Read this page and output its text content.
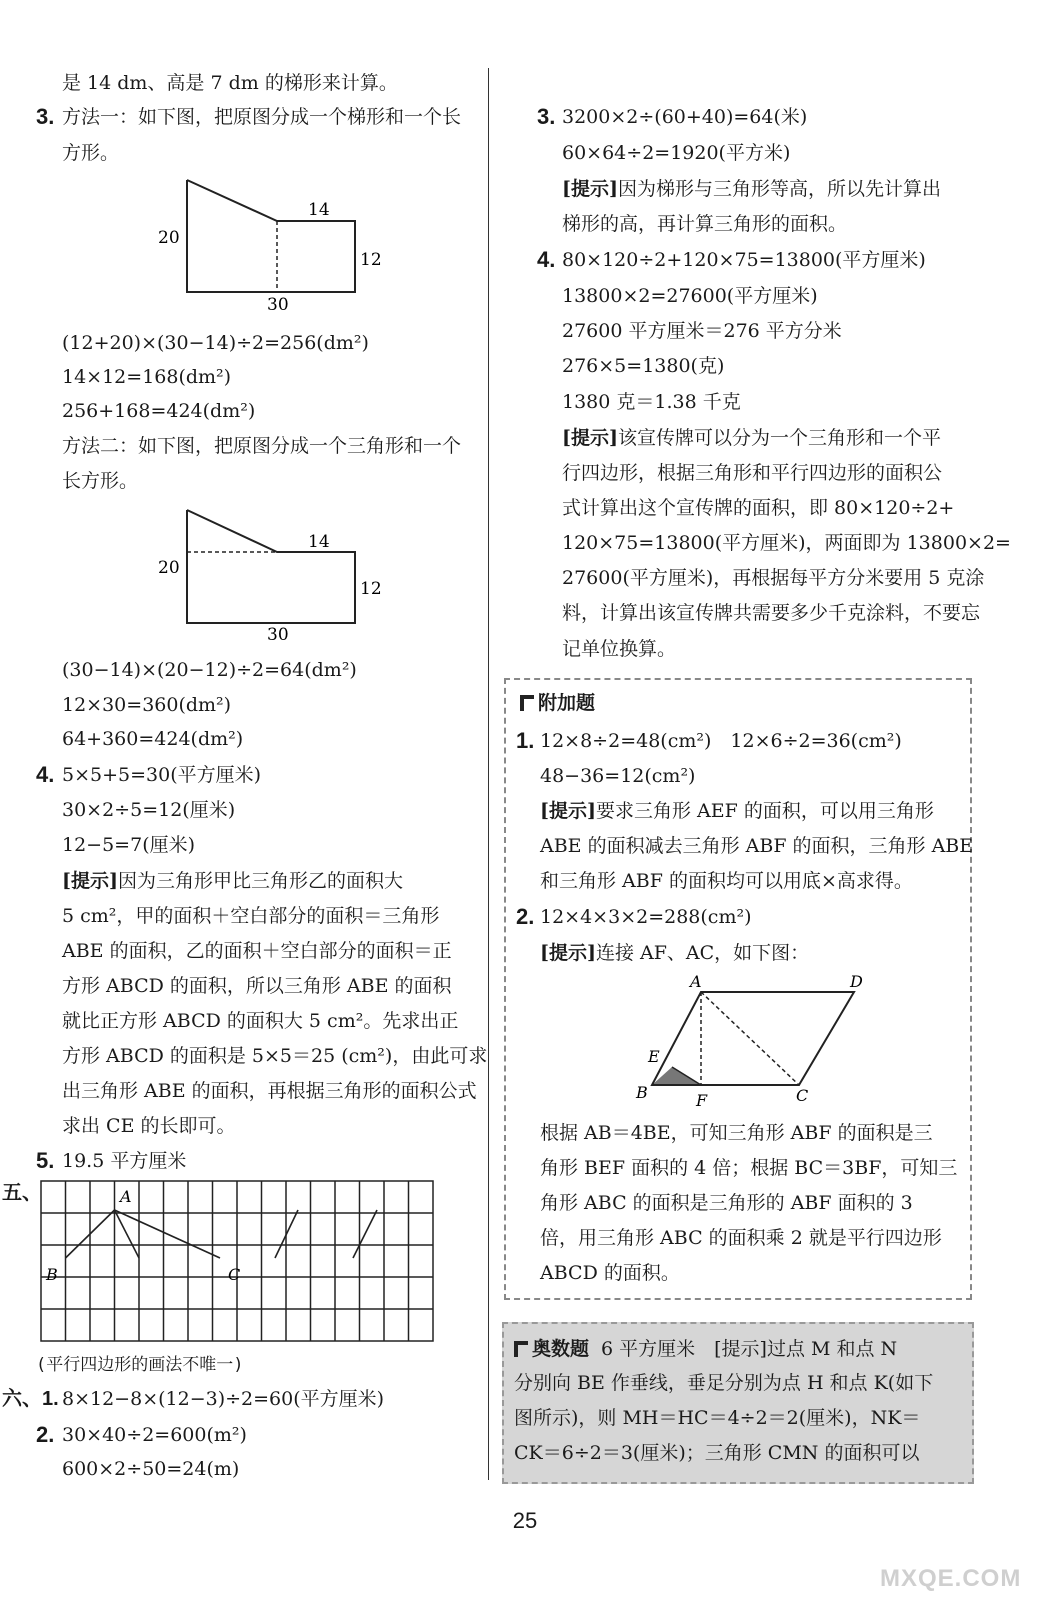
是 14 dm、高是 7 dm 的梯形来计算。
3. 方法一：如下图，把原图分成一个梯形和一个长
方形。
20
14
12
30
(12+20)×(30−14)÷2=256(dm²)
14×12=168(dm²)
256+168=424(dm²)
方法二：如下图，把原图分成一个三角形和一个
长方形。
20
14
12
30
(30−14)×(20−12)÷2=64(dm²)
12×30=360(dm²)
64+360=424(dm²)
4. 5×5+5=30(平方厘米)
30×2÷5=12(厘米)
12−5=7(厘米)
[提示]因为三角形甲比三角形乙的面积大
5 cm²，甲的面积＋空白部分的面积＝三角形
ABE 的面积，乙的面积＋空白部分的面积＝正
方形 ABCD 的面积，所以三角形 ABE 的面积
就比正方形 ABCD 的面积大 5 cm²。先求出正
方形 ABCD 的面积是 5×5＝25 (cm²)，由此可求
出三角形 ABE 的面积，再根据三角形的面积公式
求出 CE 的长即可。
5. 19.5 平方厘米
五、	A
B	C
(平行四边形的画法不唯一)
六、1. 8×12−8×(12−3)÷2=60(平方厘米)
2. 30×40÷2=600(m²)
600×2÷50=24(m)
3. 3200×2÷(60+40)=64(米)
60×64÷2=1920(平方米)
[提示]因为梯形与三角形等高，所以先计算出
梯形的高，再计算三角形的面积。
4. 80×120÷2+120×75=13800(平方厘米)
13800×2=27600(平方厘米)
27600 平方厘米＝276 平方分米
276×5=1380(克)
1380 克＝1.38 千克
[提示]该宣传牌可以分为一个三角形和一个平
行四边形，根据三角形和平行四边形的面积公
式计算出这个宣传牌的面积，即 80×120÷2+
120×75=13800(平方厘米)，两面即为 13800×2=
27600(平方厘米)，再根据每平方分米要用 5 克涂
料，计算出该宣传牌共需要多少千克涂料，不要忘
记单位换算。
附加题
1. 12×8÷2=48(cm²)　12×6÷2=36(cm²)
48−36=12(cm²)
[提示]要求三角形 AEF 的面积，可以用三角形
ABE 的面积减去三角形 ABF 的面积，三角形 ABE
和三角形 ABF 的面积均可以用底×高求得。
2. 12×4×3×2=288(cm²)
[提示]连接 AF、AC，如下图：
A	D
E
B	F	C
根据 AB＝4BE，可知三角形 ABF 的面积是三
角形 BEF 面积的 4 倍；根据 BC＝3BF，可知三
角形 ABC 的面积是三角形的 ABF 面积的 3
倍，用三角形 ABC 的面积乘 2 就是平行四边形
ABCD 的面积。
奥数题 6 平方厘米　[提示]过点 M 和点 N
分别向 BE 作垂线，垂足分别为点 H 和点 K(如下
图所示)，则 MH＝HC＝4÷2＝2(厘米)，NK＝
CK＝6÷2＝3(厘米)；三角形 CMN 的面积可以
25
MXQE.COM
